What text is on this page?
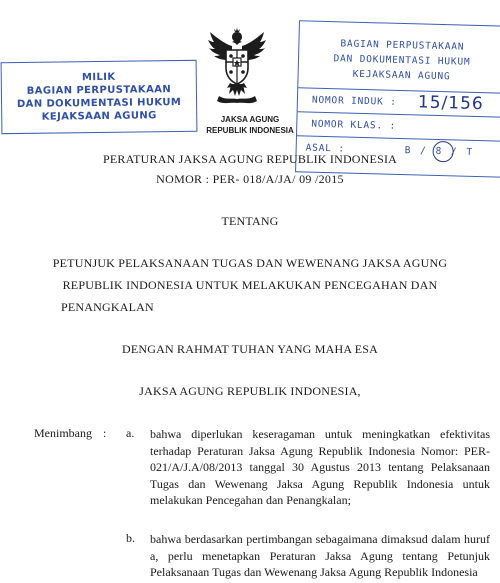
MILIK
BAGIAN PERPUSTAKAAN
DAN DOKUMENTASI HUKUM
KEJAKSAAN AGUNG
BAGIAN PERPUSTAKAAN
DAN DOKUMENTASI HUKUM
KEJAKSAAN AGUNG
NOMOR INDUK : 15/156
NOMOR KLAS. :
ASAL :	B / 8 / T
JAKSA AGUNG
REPUBLIK INDONESIA
PERATURAN JAKSA AGUNG REPUBLIK INDONESIA
NOMOR : PER- 018/A/JA/ 09 /2015
TENTANG
PETUNJUK PELAKSANAAN TUGAS DAN WEWENANG JAKSA AGUNG
REPUBLIK INDONESIA UNTUK MELAKUKAN PENCEGAHAN DAN
PENANGKALAN
DENGAN RAHMAT TUHAN YANG MAHA ESA
JAKSA AGUNG REPUBLIK INDONESIA,
Menimbang : a. bahwa diperlukan keseragaman untuk meningkatkan efektivitas terhadap Peraturan Jaksa Agung Republik Indonesia Nomor: PER-021/A/J.A/08/2013 tanggal 30 Agustus 2013 tentang Pelaksanaan Tugas dan Wewenang Jaksa Agung Republik Indonesia untuk melakukan Pencegahan dan Penangkalan;
b. bahwa berdasarkan pertimbangan sebagaimana dimaksud dalam huruf a, perlu menetapkan Peraturan Jaksa Agung tentang Petunjuk Pelaksanaan Tugas dan Wewenang Jaksa Agung Republik Indonesia
